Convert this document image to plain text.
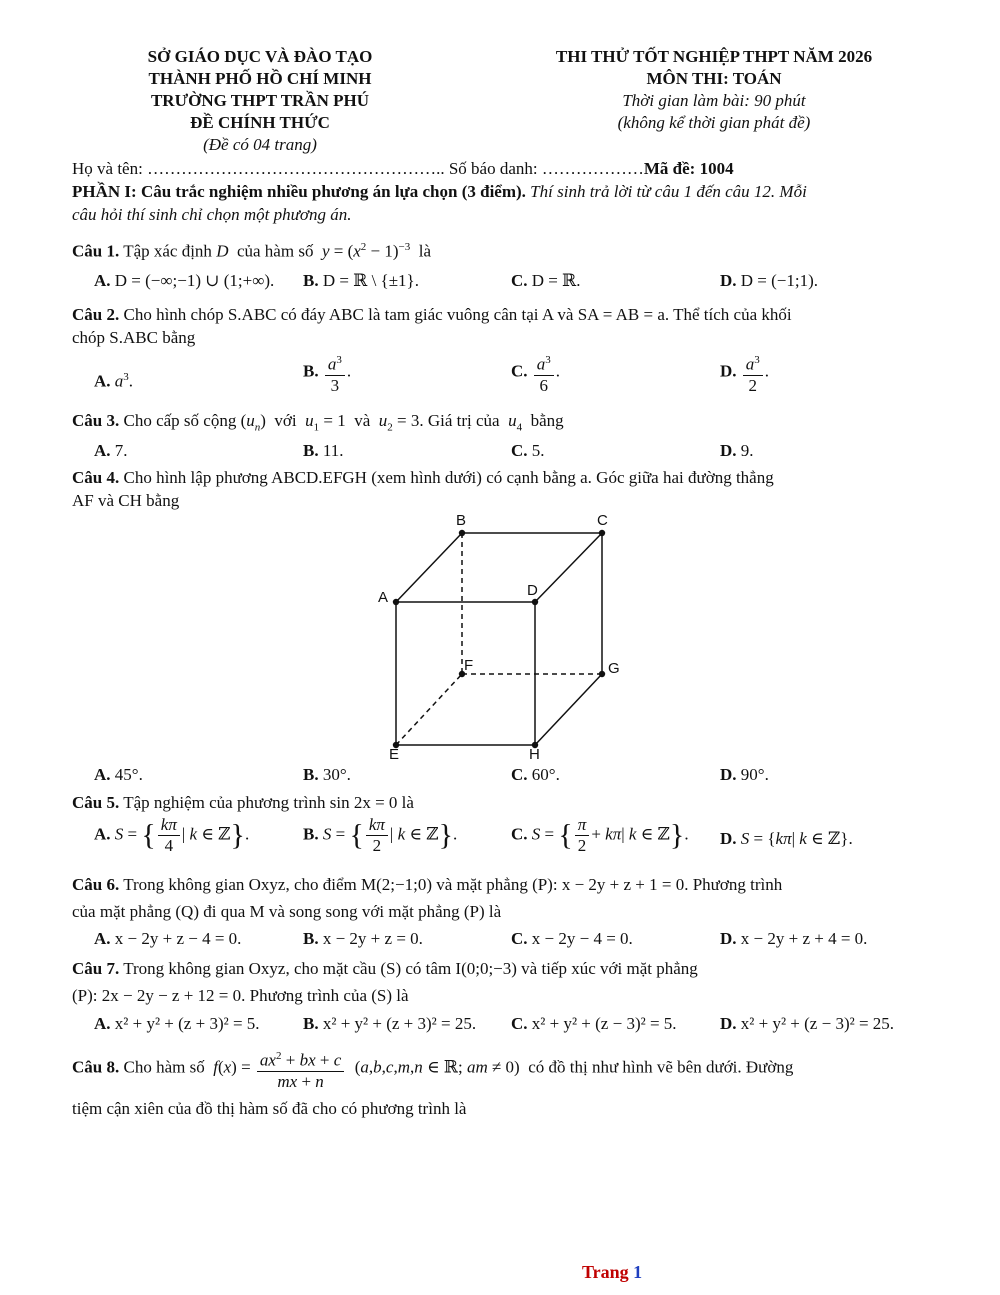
SỞ GIÁO DỤC VÀ ĐÀO TẠO
THÀNH PHỐ HỒ CHÍ MINH
TRƯỜNG THPT TRẦN PHÚ
ĐỀ CHÍNH THỨC
(Đề có 04 trang)
THI THỬ TỐT NGHIỆP THPT NĂM 2026
MÔN THI: TOÁN
Thời gian làm bài: 90 phút
(không kể thời gian phát đề)
Họ và tên: …………………………………………….. Số báo danh: ………………Mã đề: 1004
PHẦN I: Câu trắc nghiệm nhiều phương án lựa chọn (3 điểm). Thí sinh trả lời từ câu 1 đến câu 12. Mỗi
câu hỏi thí sinh chỉ chọn một phương án.
Câu 1. Tập xác định D  của hàm số  $y = (x^2 - 1)^{-3}$  là
A. D = (−∞;−1) ∪ (1;+∞). B. D = ℝ \ {±1}.	C. D = ℝ.	D. D = (−1;1).
Câu 2. Cho hình chóp S.ABC có đáy ABC là tam giác vuông cân tại A và SA = AB = a. Thể tích của khối
chóp S.ABC bằng
A. $a^3$.
B. $\frac{a^3}{3}$ .	C. $\frac{a^3}{6}$ .	D. $\frac{a^3}{2}$ .
Câu 3. Cho cấp số cộng $(u_n)$  với  $u_1 = 1$  và  $u_2 = 3$. Giá trị của  $u_4$  bằng
A. 7.	B. 11.	C. 5.	D. 9.
Câu 4. Cho hình lập phương ABCD.EFGH (xem hình dưới) có cạnh bằng a. Góc giữa hai đường thẳng
AF và CH bằng
B	C
A	D
F	G
E	H
A. 45°.	B. 30°.	C. 60°.	D. 90°.
Câu 5. Tập nghiệm của phương trình sin 2x = 0 là
A. S = { $\frac{k\pi}{4}$ | k ∈ ℤ}.	B. S = { $\frac{k\pi}{2}$ | k ∈ ℤ}.	C. S = { $\frac{\pi}{2} + k\pi|$ k ∈ ℤ}. D. S = {kπ| k ∈ ℤ}.
Câu 6. Trong không gian Oxyz, cho điểm M(2;−1;0) và mặt phẳng (P): x − 2y + z + 1 = 0. Phương trình
của mặt phẳng (Q) đi qua M và song song với mặt phẳng (P) là
A. x − 2y + z − 4 = 0.	B. x − 2y + z = 0.	C. x − 2y − 4 = 0.	D. x − 2y + z + 4 = 0.
Câu 7. Trong không gian Oxyz, cho mặt cầu (S) có tâm I(0;0;−3) và tiếp xúc với mặt phẳng
(P): 2x − 2y − z + 12 = 0. Phương trình của (S) là
A. x² + y² + (z + 3)² = 5.	B. x² + y² + (z + 3)² = 25. C. x² + y² + (z − 3)² = 5.	D. x² + y² + (z − 3)² = 25.
Câu 8. Cho hàm số  $f(x) = \frac{ax^2 + bx + c}{mx + n} (a,b,c,m,n$ ∈ ℝ; am ≠ 0)  có đồ thị như hình vẽ bên dưới. Đường
tiệm cận xiên của đồ thị hàm số đã cho có phương trình là
Trang 1
